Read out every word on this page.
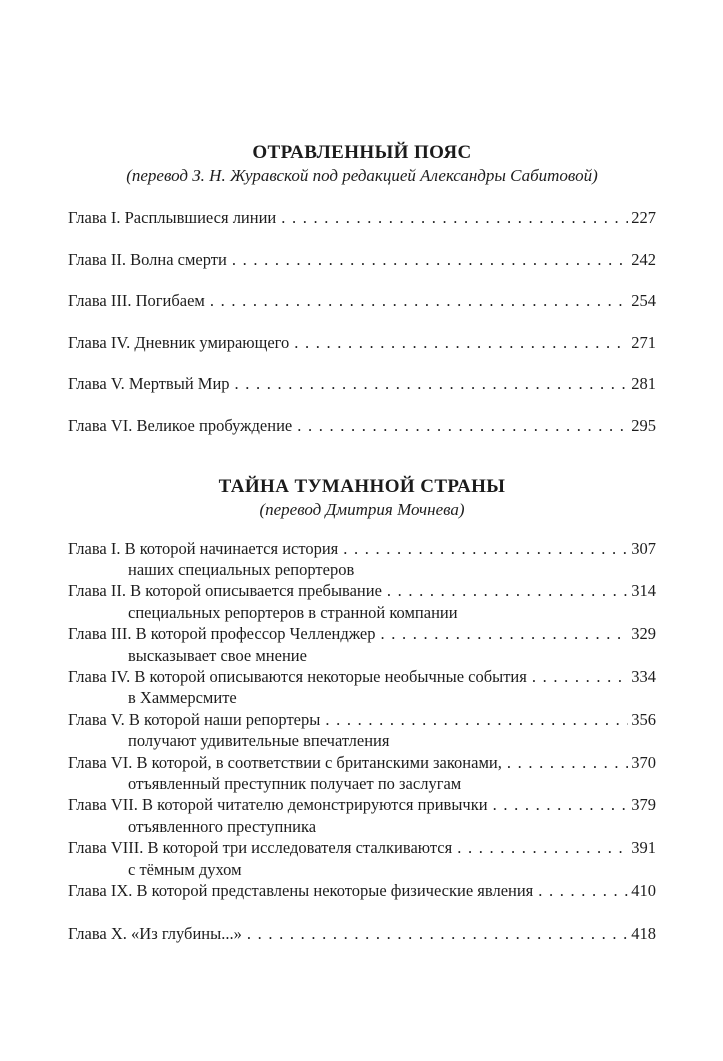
ОТРАВЛЕННЫЙ ПОЯС
(перевод З. Н. Журавской под редакцией Александры Сабитовой)
Глава I. Расплывшиеся линии . . .	227
Глава II. Волна смерти . . .	242
Глава III. Погибаем . . .	254
Глава IV. Дневник умирающего . . .	271
Глава V. Мертвый Мир . . .	281
Глава VI. Великое пробуждение . . .	295
ТАЙНА ТУМАННОЙ СТРАНЫ
(перевод Дмитрия Мочнева)
Глава I. В которой начинается история . . .	307
наших специальных репортеров
Глава II. В которой описывается пребывание . . .	314
специальных репортеров в странной компании
Глава III. В которой профессор Челленджер . . .	329
высказывает свое мнение
Глава IV. В которой описываются некоторые необычные события . . .	334
в Хаммерсмите
Глава V. В которой наши репортеры . . .	356
получают удивительные впечатления
Глава VI. В которой, в соответствии с британскими законами, . . .	370
отъявленный преступник получает по заслугам
Глава VII. В которой читателю демонстрируются привычки . . .	379
отъявленного преступника
Глава VIII. В которой три исследователя сталкиваются . . .	391
с тёмным духом
Глава IX. В которой представлены некоторые физические явления . . .	410
Глава X. «Из глубины...» . . .	418
